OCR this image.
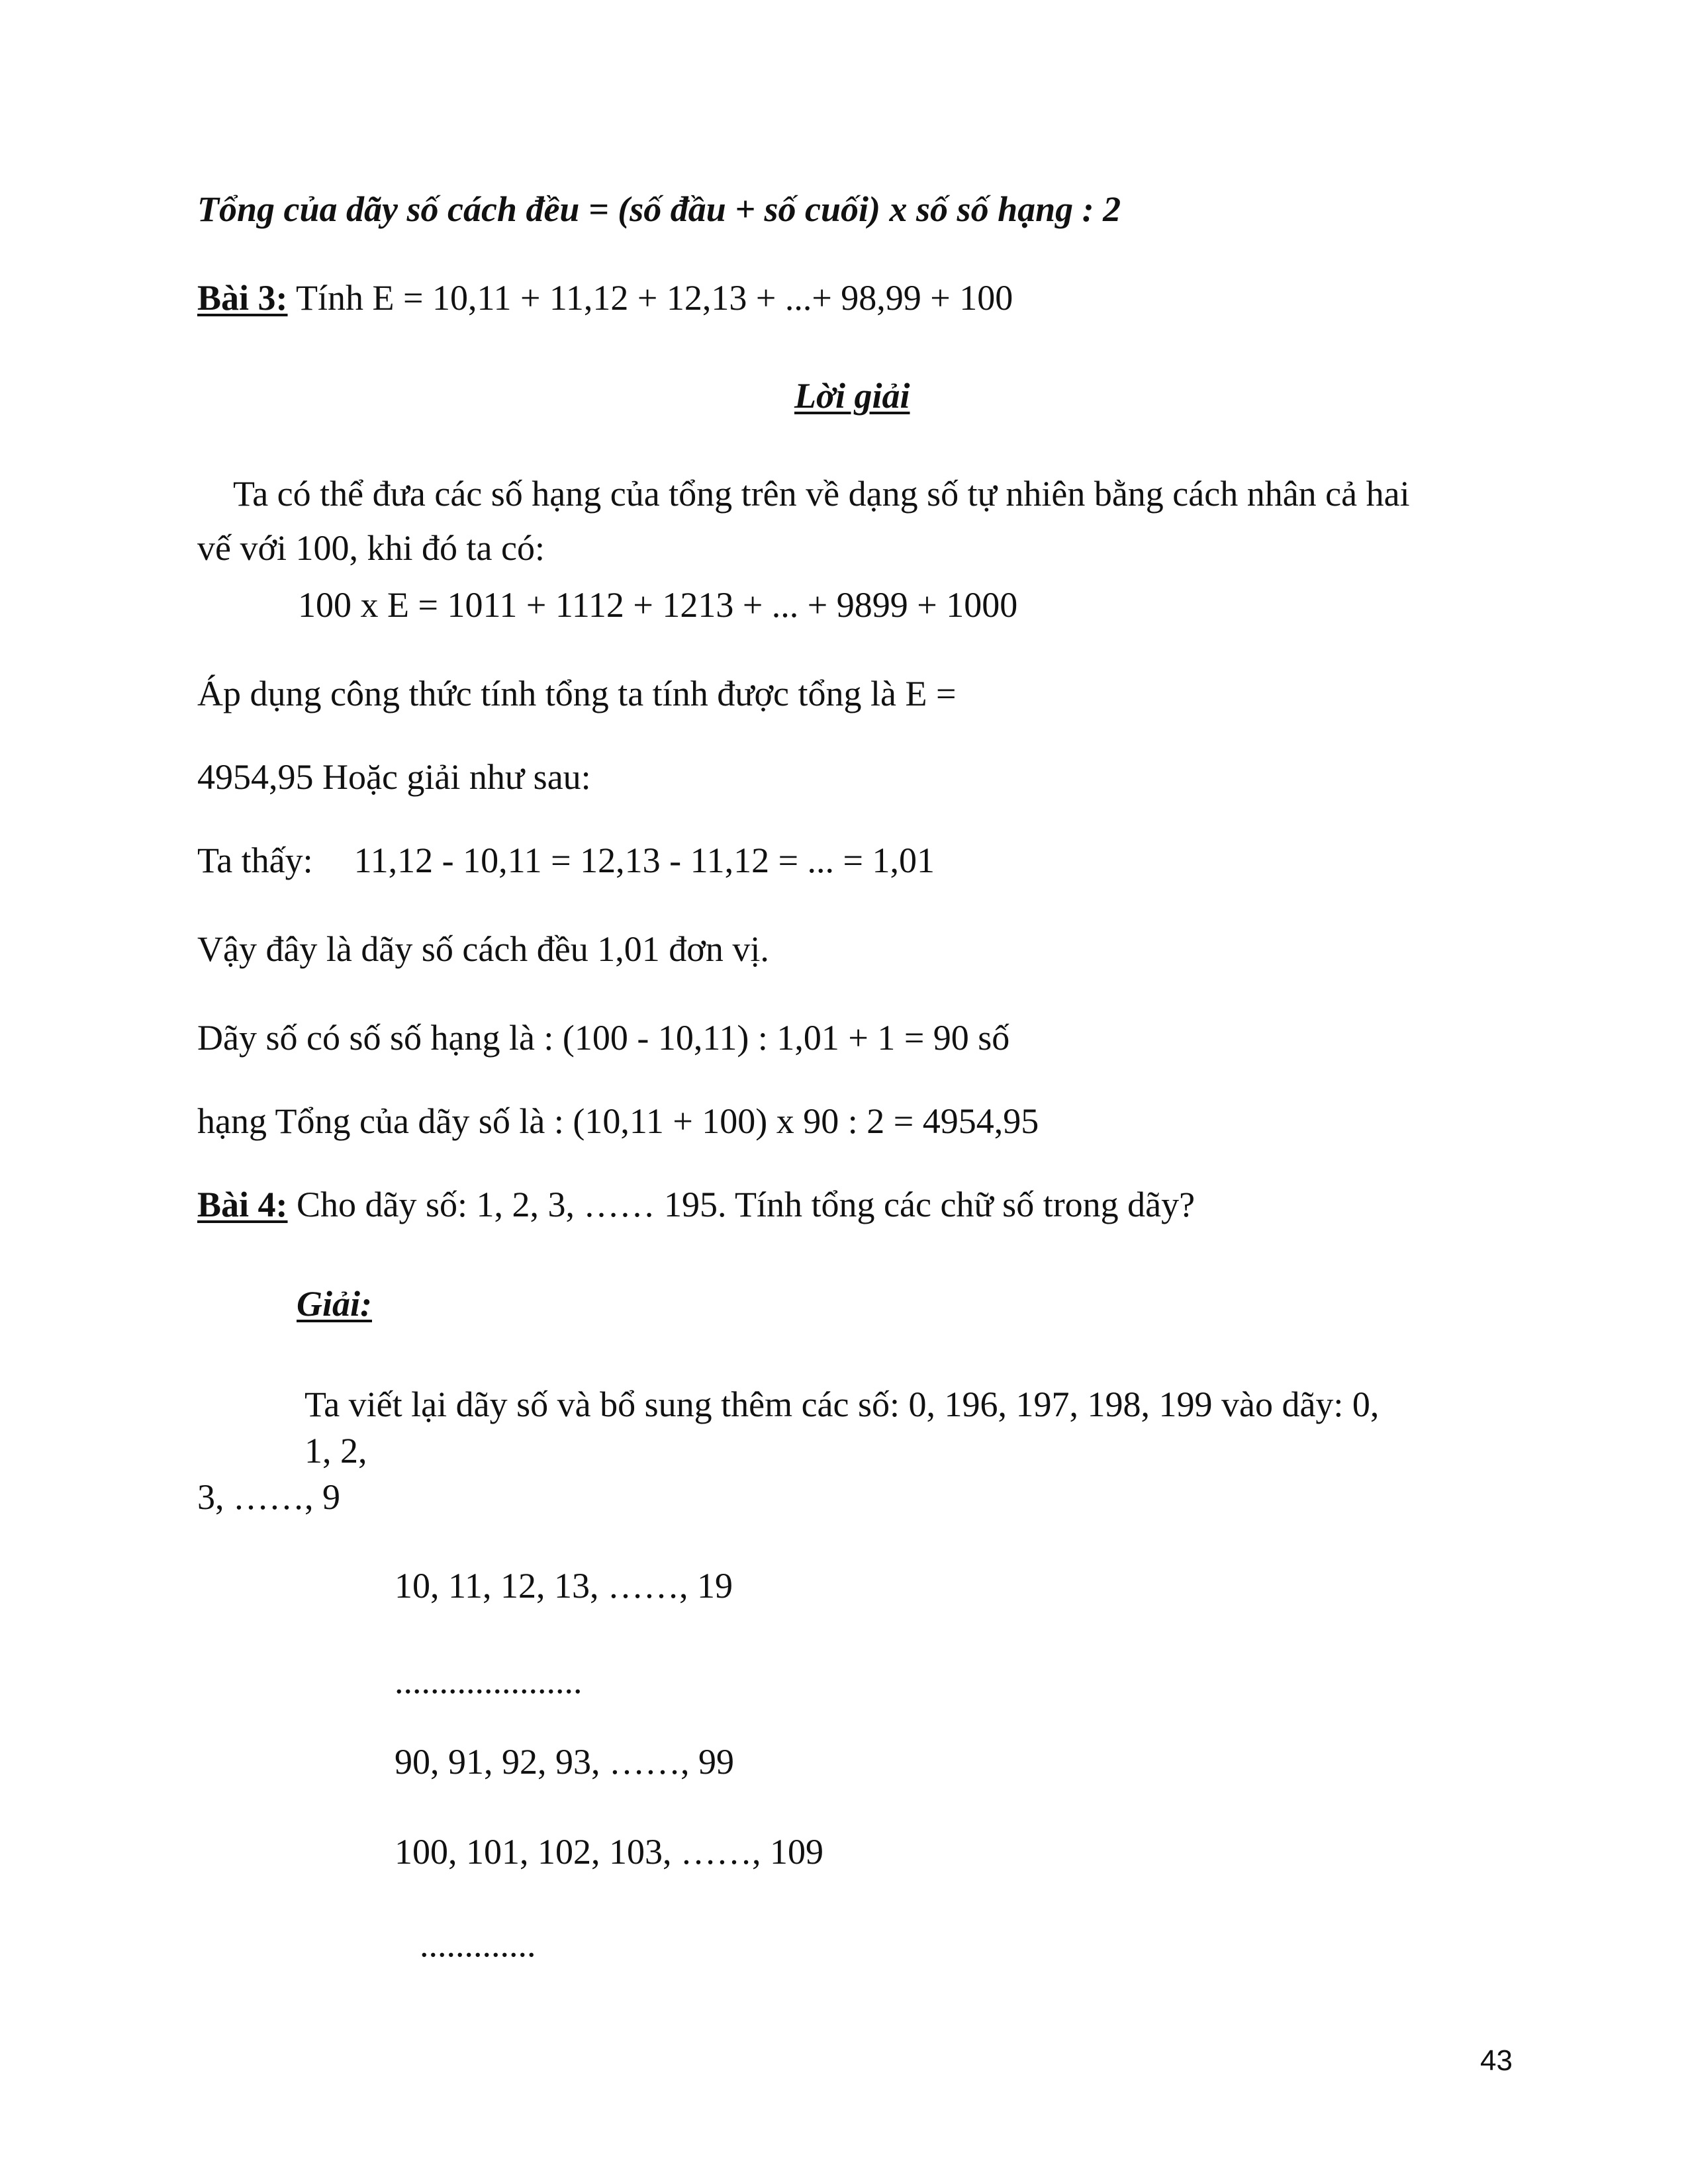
Tổng của dãy số cách đều = (số đầu + số cuối) x số số hạng : 2

Bài 3: Tính E = 10,11 + 11,12 + 12,13 + ...+ 98,99 + 100

Lời giải

Ta có thể đưa các số hạng của tổng trên về dạng số tự nhiên bằng cách nhân cả hai

vế với 100, khi đó ta có:

100 x E = 1011 + 1112 + 1213 + ... + 9899 + 1000

Áp dụng công thức tính tổng ta tính được tổng là E =

4954,95 Hoặc giải như sau:

Ta thấy: 11,12 - 10,11 = 12,13 - 11,12 = ... = 1,01

Vậy đây là dãy số cách đều 1,01 đơn vị.

Dãy số có số số hạng là : (100 - 10,11) : 1,01 + 1 = 90 số

hạng Tổng của dãy số là : (10,11 + 100) x 90 : 2 = 4954,95

Bài 4: Cho dãy số: 1, 2, 3, …… 195. Tính tổng các chữ số trong dãy?

Giải:

Ta viết lại dãy số và bổ sung thêm các số: 0, 196, 197, 198, 199 vào dãy: 0,

1, 2,

3, ……, 9

10, 11, 12, 13, ……, 19

.....................

90, 91, 92, 93, ……, 99

100, 101, 102, 103, ……, 109

.............

43
